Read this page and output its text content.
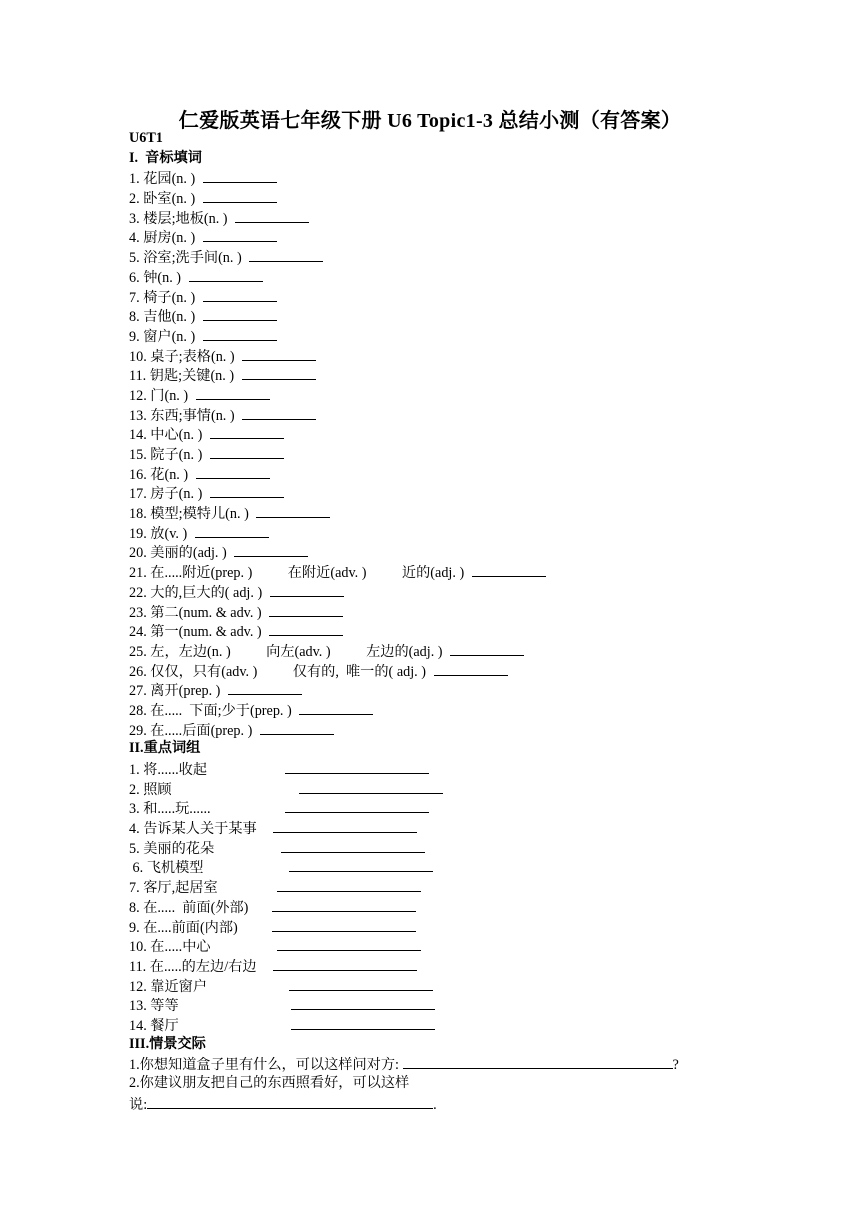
仁爱版英语七年级下册 U6 Topic1-3 总结小测（有答案）
U6T1
I.  音标填词
1. 花园(n. )
2. 卧室(n. )
3. 楼层;地板(n. )
4. 厨房(n. )
5. 浴室;洗手间(n. )
6. 钟(n. )
7. 椅子(n. )
8. 吉他(n. )
9. 窗户(n. )
10. 桌子;表格(n. )
11. 钥匙;关键(n. )
12. 门(n. )
13. 东西;事情(n. )
14. 中心(n. )
15. 院子(n. )
16. 花(n. )
17. 房子(n. )
18. 模型;模特儿(n. )
19. 放(v. )
20. 美丽的(adj. )
21. 在.....附近(prep. )          在附近(adv. )          近的(adj. )
22. 大的,巨大的( adj. )
23. 第二(num. & adv. )
24. 第一(num. & adv. )
25. 左，左边(n. )          向左(adv. )          左边的(adj. )
26. 仅仅，只有(adv. )          仅有的,  唯一的( adj. )
27. 离开(prep. )
28. 在.....  下面;少于(prep. )
29. 在.....后面(prep. )
II.重点词组
1. 将......收起
2. 照顾
3. 和.....玩......
4. 告诉某人关于某事
5. 美丽的花朵
6. 飞机模型
7. 客厅,起居室
8. 在.....  前面(外部)
9. 在....前面(内部)
10. 在.....中心
11. 在.....的左边/右边
12. 靠近窗户
13. 等等
14. 餐厅
III.情景交际
1.你想知道盒子里有什么，可以这样问对方:	?
2.你建议朋友把自己的东西照看好，可以这样
说:	.
